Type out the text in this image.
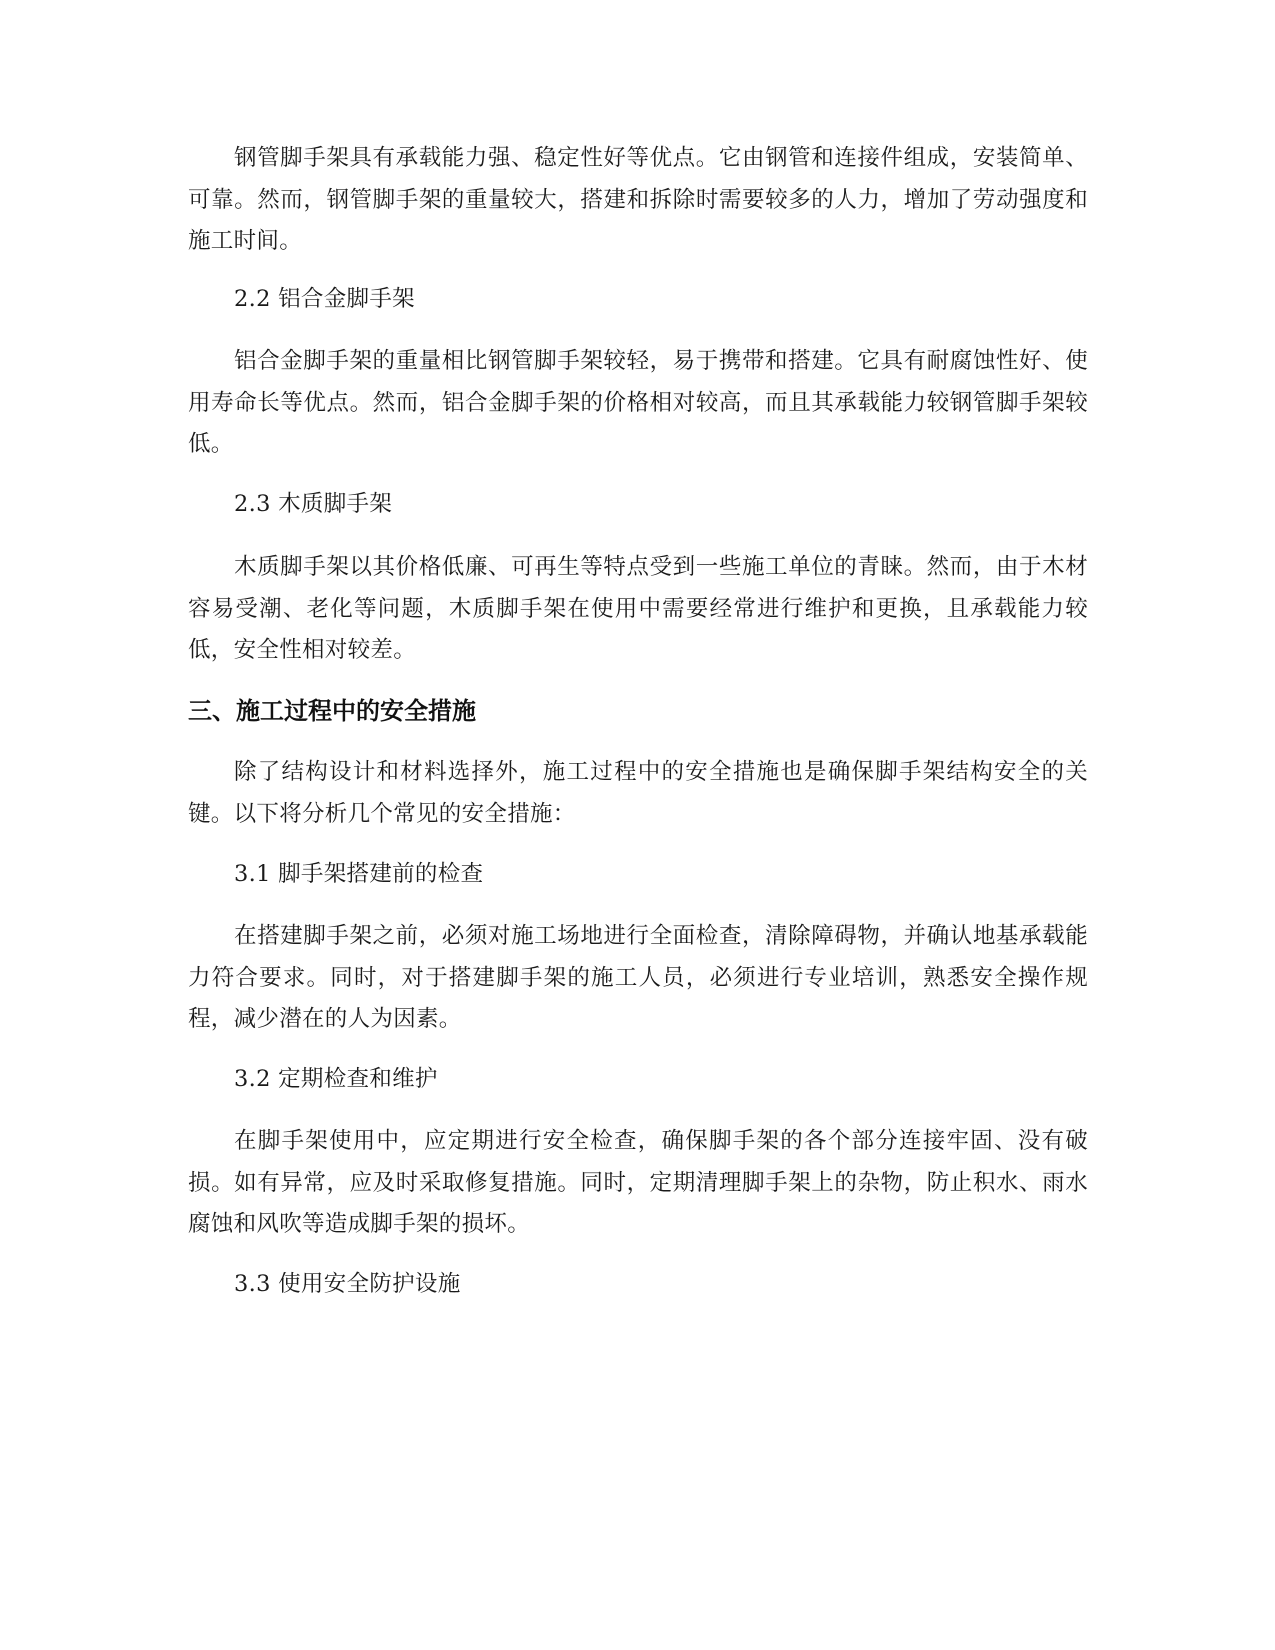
钢管脚手架具有承载能力强、稳定性好等优点。它由钢管和连接件组成，安装简单、可靠。然而，钢管脚手架的重量较大，搭建和拆除时需要较多的人力，增加了劳动强度和施工时间。

2.2 铝合金脚手架

铝合金脚手架的重量相比钢管脚手架较轻，易于携带和搭建。它具有耐腐蚀性好、使用寿命长等优点。然而，铝合金脚手架的价格相对较高，而且其承载能力较钢管脚手架较低。

2.3 木质脚手架

木质脚手架以其价格低廉、可再生等特点受到一些施工单位的青睐。然而，由于木材容易受潮、老化等问题，木质脚手架在使用中需要经常进行维护和更换，且承载能力较低，安全性相对较差。

三、施工过程中的安全措施

除了结构设计和材料选择外，施工过程中的安全措施也是确保脚手架结构安全的关键。以下将分析几个常见的安全措施：

3.1 脚手架搭建前的检查

在搭建脚手架之前，必须对施工场地进行全面检查，清除障碍物，并确认地基承载能力符合要求。同时，对于搭建脚手架的施工人员，必须进行专业培训，熟悉安全操作规程，减少潜在的人为因素。

3.2 定期检查和维护

在脚手架使用中，应定期进行安全检查，确保脚手架的各个部分连接牢固、没有破损。如有异常，应及时采取修复措施。同时，定期清理脚手架上的杂物，防止积水、雨水腐蚀和风吹等造成脚手架的损坏。

3.3 使用安全防护设施
